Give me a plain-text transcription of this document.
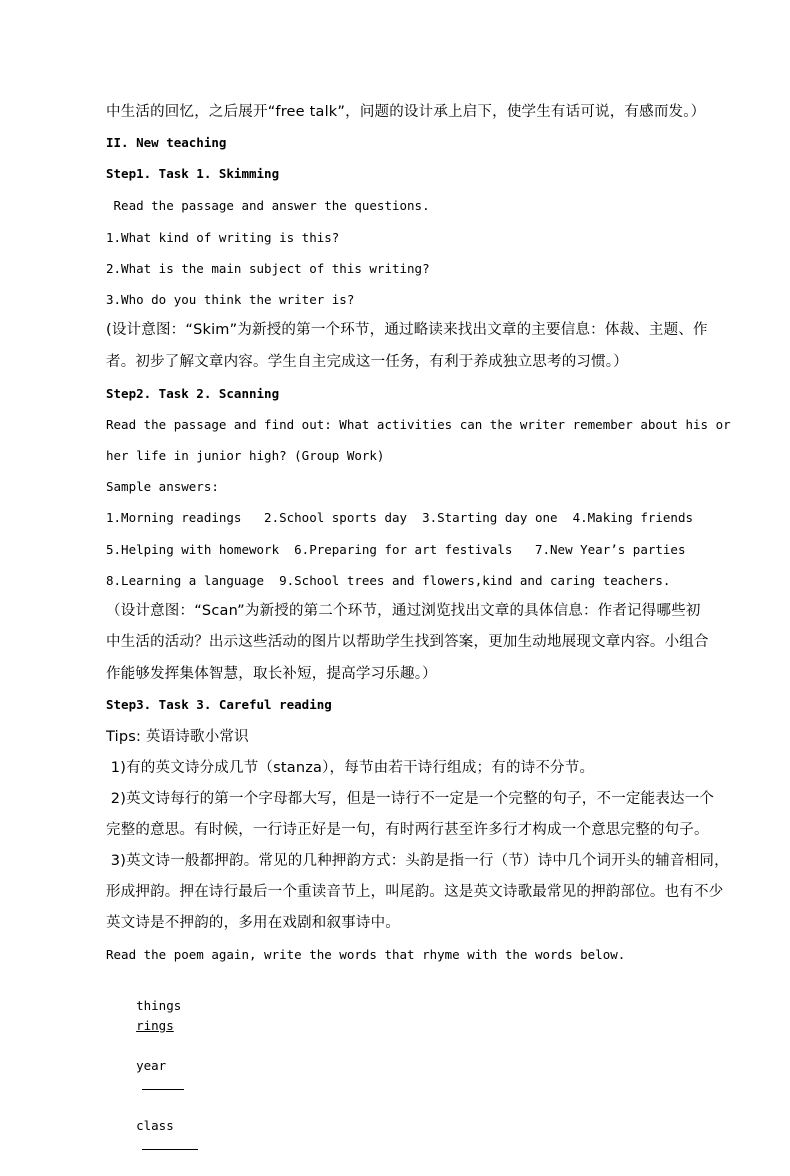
中生活的回忆，之后展开“free talk”，问题的设计承上启下，使学生有话可说，有感而发。）
II. New teaching
Step1. Task 1. Skimming
Read the passage and answer the questions.
1.What kind of writing is this?
2.What is the main subject of this writing?
3.Who do you think the writer is?
(设计意图：“Skim”为新授的第一个环节，通过略读来找出文章的主要信息：体裁、主题、作
者。初步了解文章内容。学生自主完成这一任务，有利于养成独立思考的习惯。）
Step2. Task 2. Scanning
Read the passage and find out: What activities can the writer remember about his or
her life in junior high? (Group Work)
Sample answers:
1.Morning readings   2.School sports day  3.Starting day one  4.Making friends
5.Helping with homework  6.Preparing for art festivals   7.New Year’s parties
8.Learning a language  9.School trees and flowers,kind and caring teachers.
（设计意图：“Scan”为新授的第二个环节，通过浏览找出文章的具体信息：作者记得哪些初
中生活的活动？出示这些活动的图片以帮助学生找到答案，更加生动地展现文章内容。小组合
作能够发挥集体智慧，取长补短，提高学习乐趣。）
Step3. Task 3. Careful reading
Tips: 英语诗歌小常识
1)有的英文诗分成几节（stanza），每节由若干诗行组成；有的诗不分节。
2)英文诗每行的第一个字母都大写，但是一诗行不一定是一个完整的句子，不一定能表达一个
完整的意思。有时候，一行诗正好是一句，有时两行甚至许多行才构成一个意思完整的句子。
3)英文诗一般都押韵。常见的几种押韵方式：头韵是指一行（节）诗中几个词开头的辅音相同，
形成押韵。押在诗行最后一个重读音节上，叫尾韵。这是英文诗歌最常见的押韵部位。也有不少
英文诗是不押韵的，多用在戏剧和叙事诗中。
Read the poem again, write the words that rhyme with the words below.

things
rings

year

class
